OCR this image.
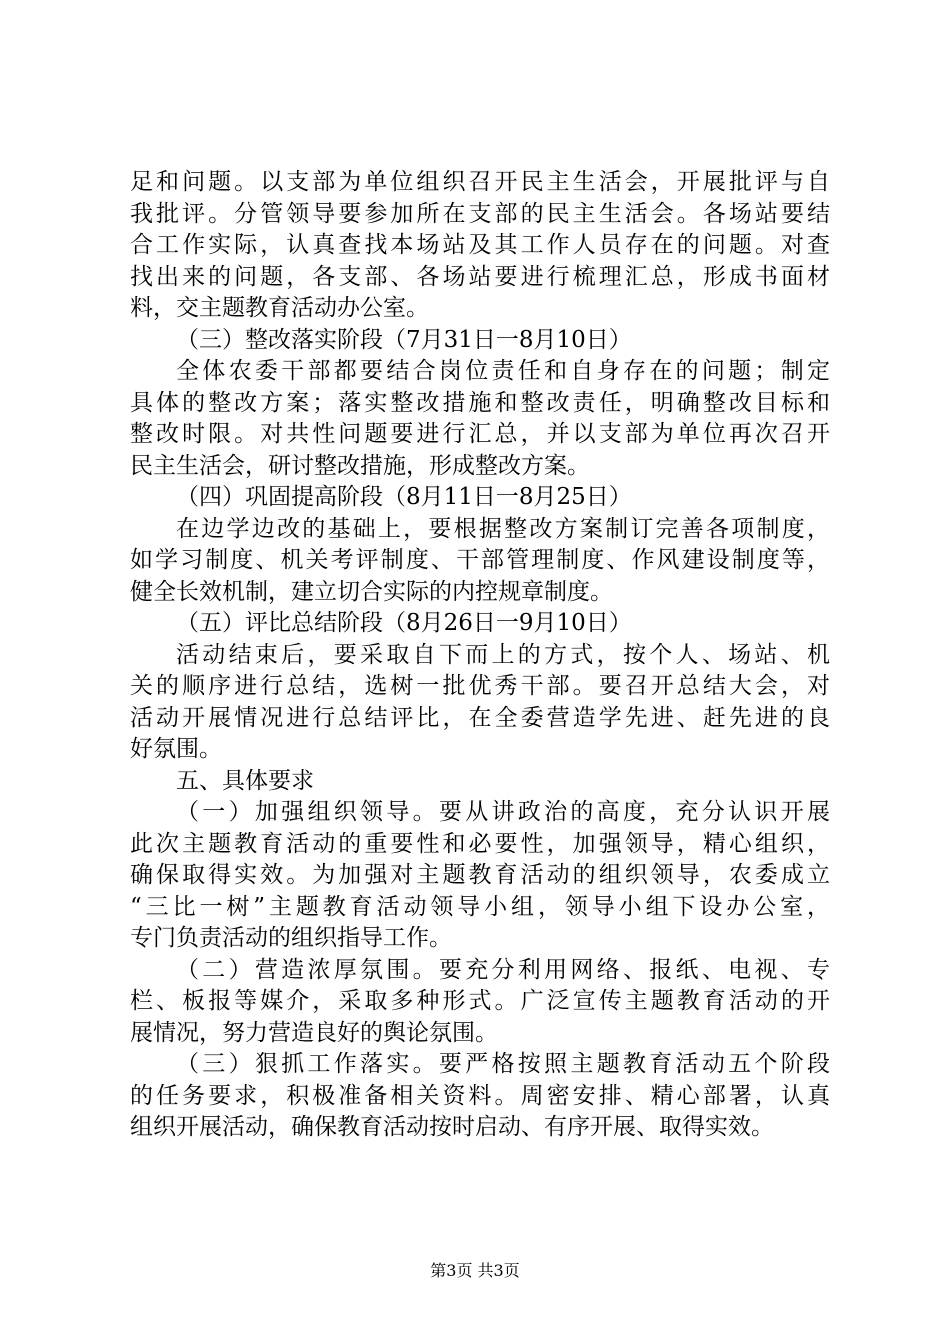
足和问题。以支部为单位组织召开民主生活会，开展批评与自
我批评。分管领导要参加所在支部的民主生活会。各场站要结
合工作实际，认真查找本场站及其工作人员存在的问题。对查
找出来的问题，各支部、各场站要进行梳理汇总，形成书面材
料，交主题教育活动办公室。
（三）整改落实阶段（7月31日一8月10日）
全体农委干部都要结合岗位责任和自身存在的问题；制定
具体的整改方案；落实整改措施和整改责任，明确整改目标和
整改时限。对共性问题要进行汇总，并以支部为单位再次召开
民主生活会，研讨整改措施，形成整改方案。
（四）巩固提高阶段（8月11日一8月25日）
在边学边改的基础上，要根据整改方案制订完善各项制度，
如学习制度、机关考评制度、干部管理制度、作风建设制度等，
健全长效机制，建立切合实际的内控规章制度。
（五）评比总结阶段（8月26日一9月10日）
活动结束后，要采取自下而上的方式，按个人、场站、机
关的顺序进行总结，选树一批优秀干部。要召开总结大会，对
活动开展情况进行总结评比，在全委营造学先进、赶先进的良
好氛围。
五、具体要求
（一）加强组织领导。要从讲政治的高度，充分认识开展
此次主题教育活动的重要性和必要性，加强领导，精心组织，
确保取得实效。为加强对主题教育活动的组织领导，农委成立
“三比一树”主题教育活动领导小组，领导小组下设办公室，
专门负责活动的组织指导工作。
（二）营造浓厚氛围。要充分利用网络、报纸、电视、专
栏、板报等媒介，采取多种形式。广泛宣传主题教育活动的开
展情况，努力营造良好的舆论氛围。
（三）狠抓工作落实。要严格按照主题教育活动五个阶段
的任务要求，积极准备相关资料。周密安排、精心部署，认真
组织开展活动，确保教育活动按时启动、有序开展、取得实效。
第3页 共3页
